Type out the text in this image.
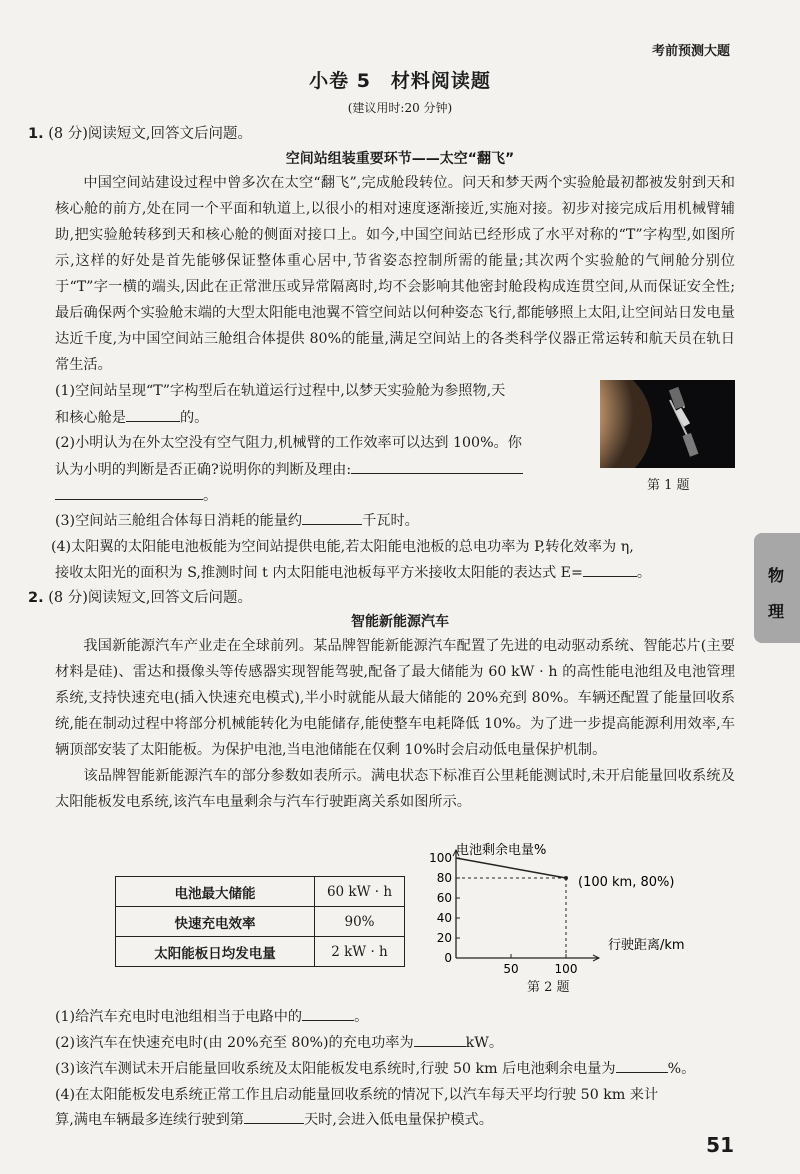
考前预测大题
小卷 5　材料阅读题
(建议用时:20 分钟)
1. (8 分)阅读短文,回答文后问题。
空间站组装重要环节——太空“翻飞”

中国空间站建设过程中曾多次在太空“翻飞”,完成舱段转位。问天和梦天两个实验舱最初都被发射到天和核心舱的前方,处在同一个平面和轨道上,以很小的相对速度逐渐接近,实施对接。初步对接完成后用机械臂辅助,把实验舱转移到天和核心舱的侧面对接口上。如今,中国空间站已经形成了水平对称的“T”字构型,如图所示,这样的好处是首先能够保证整体重心居中,节省姿态控制所需的能量;其次两个实验舱的气闸舱分别位于“T”字一横的端头,因此在正常泄压或异常隔离时,均不会影响其他密封舱段构成连贯空间,从而保证安全性;最后确保两个实验舱末端的大型太阳能电池翼不管空间站以何种姿态飞行,都能够照上太阳,让空间站日发电量达近千度,为中国空间站三舱组合体提供 80%的能量,满足空间站上的各类科学仪器正常运转和航天员在轨日常生活。

(1)空间站呈现“T”字构型后在轨道运行过程中,以梦天实验舱为参照物,天
和核心舱是	的。
(2)小明认为在外太空没有空气阻力,机械臂的工作效率可以达到 100%。你
认为小明的判断是否正确?说明你的判断及理由:
。
第 1 题
(3)空间站三舱组合体每日消耗的能量约	千瓦时。
(4)太阳翼的太阳能电池板能为空间站提供电能,若太阳能电池板的总电功率为 P,转化效率为 η,
接收太阳光的面积为 S,推测时间 t 内太阳能电池板每平方米接收太阳能的表达式 E=	。	物
理
2. (8 分)阅读短文,回答文后问题。
智能新能源汽车

我国新能源汽车产业走在全球前列。某品牌智能新能源汽车配置了先进的电动驱动系统、智能芯片(主要材料是硅)、雷达和摄像头等传感器实现智能驾驶,配备了最大储能为 60 kW · h 的高性能电池组及电池管理系统,支持快速充电(插入快速充电模式),半小时就能从最大储能的 20%充到 80%。车辆还配置了能量回收系统,能在制动过程中将部分机械能转化为电能储存,能使整车电耗降低 10%。为了进一步提高能源利用效率,车辆顶部安装了太阳能板。为保护电池,当电池储能在仅剩 10%时会启动低电量保护机制。

该品牌智能新能源汽车的部分参数如表所示。满电状态下标准百公里耗能测试时,未开启能量回收系统及太阳能板发电系统,该汽车电量剩余与汽车行驶距离关系如图所示。

电池最大储能	60 kW · h
快速充电效率	90%
太阳能板日均发电量	2 kW · h
电池剩余电量%
行驶距离/km
(100 km, 80%)
0
20
40
60
80
100
50	100
第 2 题
(1)给汽车充电时电池组相当于电路中的	。
(2)该汽车在快速充电时(由 20%充至 80%)的充电功率为	kW。
(3)该汽车测试未开启能量回收系统及太阳能板发电系统时,行驶 50 km 后电池剩余电量为	%。
(4)在太阳能板发电系统正常工作且启动能量回收系统的情况下,以汽车每天平均行驶 50 km 来计
算,满电车辆最多连续行驶到第	天时,会进入低电量保护模式。
51
